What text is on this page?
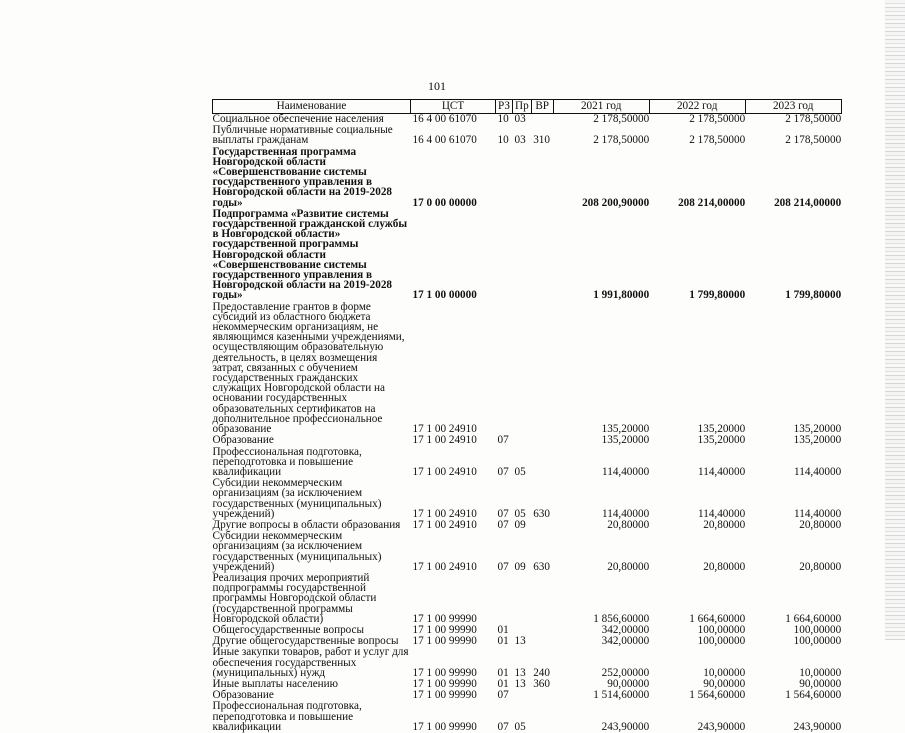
101
Наименование	ЦСТ	РЗ	Пр	ВР	2021 год	2022 год	2023 год
Социальное обеспечение населения	16 4 00 61070	10	03		2 178,50000	2 178,50000	2 178,50000
Публичные нормативные социальные выплаты гражданам	16 4 00 61070	10	03	310	2 178,50000	2 178,50000	2 178,50000
Государственная программа Новгородской области «Совершенствование системы государственного управления в Новгородской области на 2019-2028 годы»	17 0 00 00000				208 200,90000	208 214,00000	208 214,00000
Подпрограмма «Развитие системы государственной гражданской службы в Новгородской области» государственной программы Новгородской области «Совершенствование системы государственного управления в Новгородской области на 2019-2028 годы»	17 1 00 00000				1 991,80000	1 799,80000	1 799,80000
Предоставление грантов в форме субсидий из областного бюджета некоммерческим организациям, не являющимся казенными учреждениями, осуществляющим образовательную деятельность, в целях возмещения затрат, связанных с обучением государственных гражданских служащих Новгородской области на основании государственных образовательных сертификатов на дополнительное профессиональное образование	17 1 00 24910				135,20000	135,20000	135,20000
Образование	17 1 00 24910	07			135,20000	135,20000	135,20000
Профессиональная подготовка, переподготовка и повышение квалификации	17 1 00 24910	07	05		114,40000	114,40000	114,40000
Субсидии некоммерческим организациям (за исключением государственных (муниципальных) учреждений)	17 1 00 24910	07	05	630	114,40000	114,40000	114,40000
Другие вопросы в области образования	17 1 00 24910	07	09		20,80000	20,80000	20,80000
Субсидии некоммерческим организациям (за исключением государственных (муниципальных) учреждений)	17 1 00 24910	07	09	630	20,80000	20,80000	20,80000
Реализация прочих мероприятий подпрограммы государственной программы Новгородской области (государственной программы Новгородской области)	17 1 00 99990				1 856,60000	1 664,60000	1 664,60000
Общегосударственные вопросы	17 1 00 99990	01			342,00000	100,00000	100,00000
Другие общегосударственные вопросы	17 1 00 99990	01	13		342,00000	100,00000	100,00000
Иные закупки товаров, работ и услуг для обеспечения государственных (муниципальных) нужд	17 1 00 99990	01	13	240	252,00000	10,00000	10,00000
Иные выплаты населению	17 1 00 99990	01	13	360	90,00000	90,00000	90,00000
Образование	17 1 00 99990	07			1 514,60000	1 564,60000	1 564,60000
Профессиональная подготовка, переподготовка и повышение квалификации	17 1 00 99990	07	05		243,90000	243,90000	243,90000
